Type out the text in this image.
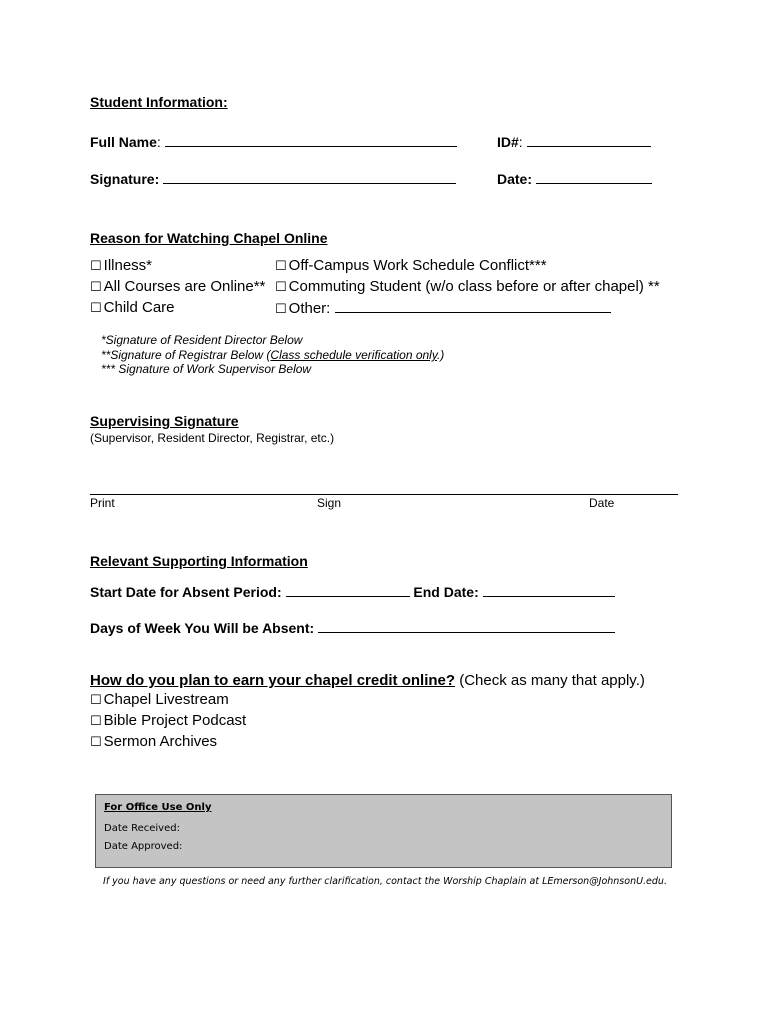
Student Information:
Full Name:	ID#:
Signature:	Date:
Reason for Watching Chapel Online
☐ Illness*
☐ All Courses are Online**
☐ Child Care
☐ Off-Campus Work Schedule Conflict***
☐ Commuting Student (w/o class before or after chapel) **
☐ Other:
*Signature of Resident Director Below
**Signature of Registrar Below (Class schedule verification only.)
*** Signature of Work Supervisor Below
Supervising Signature
(Supervisor, Resident Director, Registrar, etc.)
Print	Sign	Date
Relevant Supporting Information
Start Date for Absent Period:	End Date:
Days of Week You Will be Absent:
How do you plan to earn your chapel credit online? (Check as many that apply.)
☐ Chapel Livestream
☐ Bible Project Podcast
☐ Sermon Archives
For Office Use Only
Date Received:
Date Approved:
If you have any questions or need any further clarification, contact the Worship Chaplain at LEmerson@JohnsonU.edu.
